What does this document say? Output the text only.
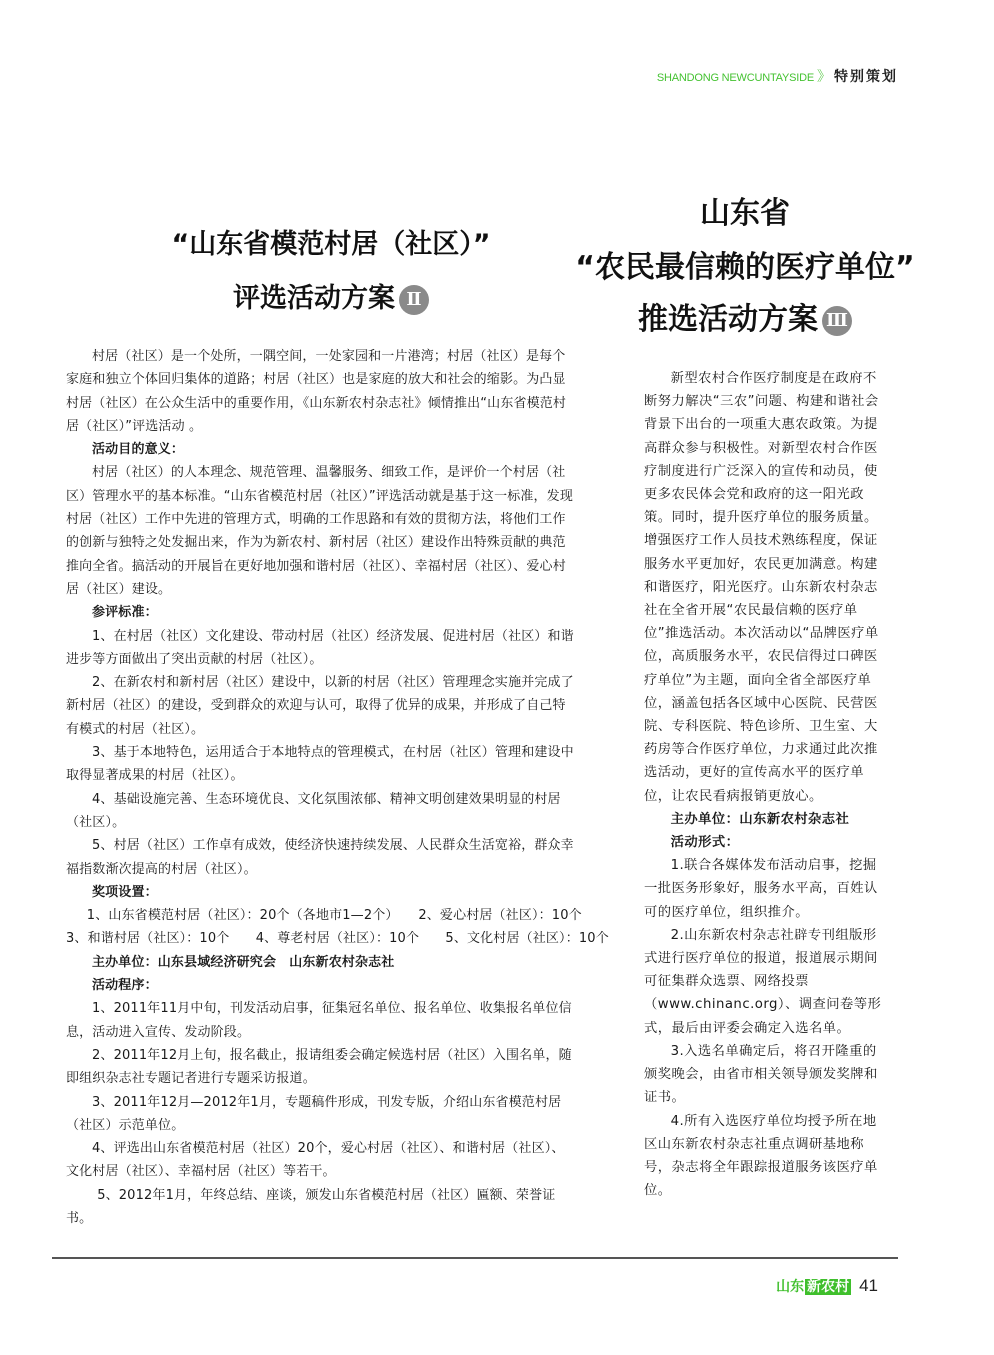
SHANDONG NEWCUNTAYSIDE 》 特别策划
“山东省模范村居（社区）”
评选活动方案 Ⅱ
山东省
“农民最信赖的医疗单位”
推选活动方案 Ⅲ

村居（社区）是一个处所，一隅空间，一处家园和一片港湾；村居（社区）是每个家庭和独立个体回归集体的道路；村居（社区）也是家庭的放大和社会的缩影。为凸显村居（社区）在公众生活中的重要作用，《山东新农村杂志社》倾情推出“山东省模范村居（社区）”评选活动 。

活动目的意义：

村居（社区）的人本理念、规范管理、温馨服务、细致工作，是评价一个村居（社区）管理水平的基本标准。“山东省模范村居（社区）”评选活动就是基于这一标准，发现村居（社区）工作中先进的管理方式，明确的工作思路和有效的贯彻方法，将他们工作的创新与独特之处发掘出来，作为为新农村、新村居（社区）建设作出特殊贡献的典范推向全省。搞活动的开展旨在更好地加强和谐村居（社区）、幸福村居（社区）、爱心村居（社区）建设。

参评标准：

1、在村居（社区）文化建设、带动村居（社区）经济发展、促进村居（社区）和谐进步等方面做出了突出贡献的村居（社区）。

2、在新农村和新村居（社区）建设中，以新的村居（社区）管理理念实施并完成了新村居（社区）的建设，受到群众的欢迎与认可，取得了优异的成果，并形成了自己特有模式的村居（社区）。

3、基于本地特色，运用适合于本地特点的管理模式，在村居（社区）管理和建设中取得显著成果的村居（社区）。

4、基础设施完善、生态环境优良、文化氛围浓郁、精神文明创建效果明显的村居（社区）。

5、村居（社区）工作卓有成效，使经济快速持续发展、人民群众生活宽裕，群众幸福指数渐次提高的村居（社区）。

奖项设置：

1、山东省模范村居（社区）：20个（各地市1—2个）　　2、爱心村居（社区）：10个

3、和谐村居（社区）：10个　　4、尊老村居（社区）：10个　　5、文化村居（社区）：10个

主办单位：山东县域经济研究会　山东新农村杂志社

活动程序：

1、2011年11月中旬，刊发活动启事，征集冠名单位、报名单位、收集报名单位信息，活动进入宣传、发动阶段。

2、2011年12月上旬，报名截止，报请组委会确定候选村居（社区）入围名单，随即组织杂志社专题记者进行专题采访报道。

3、2011年12月—2012年1月，专题稿件形成，刊发专版，介绍山东省模范村居（社区）示范单位。

4、评选出山东省模范村居（社区）20个，爱心村居（社区）、和谐村居（社区）、文化村居（社区）、幸福村居（社区）等若干。

5、2012年1月，年终总结、座谈，颁发山东省模范村居（社区）匾额、荣誉证书。

新型农村合作医疗制度是在政府不断努力解决“三农”问题、构建和谐社会背景下出台的一项重大惠农政策。为提高群众参与积极性。对新型农村合作医疗制度进行广泛深入的宣传和动员，使更多农民体会党和政府的这一阳光政策。同时，提升医疗单位的服务质量。增强医疗工作人员技术熟练程度，保证服务水平更加好，农民更加满意。构建和谐医疗，阳光医疗。山东新农村杂志社在全省开展“农民最信赖的医疗单位”推选活动。本次活动以“品牌医疗单位，高质服务水平，农民信得过口碑医疗单位”为主题，面向全省全部医疗单位，涵盖包括各区域中心医院、民营医院、专科医院、特色诊所、卫生室、大药房等合作医疗单位，力求通过此次推选活动，更好的宣传高水平的医疗单位，让农民看病报销更放心。

主办单位：山东新农村杂志社

活动形式：

1.联合各媒体发布活动启事，挖掘一批医务形象好，服务水平高，百姓认可的医疗单位，组织推介。

2.山东新农村杂志社辟专刊组版形式进行医疗单位的报道，报道展示期间可征集群众选票、网络投票（www.chinanc.org）、调查问卷等形式，最后由评委会确定入选名单。

3.入选名单确定后，将召开隆重的颁奖晚会，由省市相关领导颁发奖牌和证书。

4.所有入选医疗单位均授予所在地区山东新农村杂志社重点调研基地称号，杂志将全年跟踪报道服务该医疗单位。

山东 新农村 41
